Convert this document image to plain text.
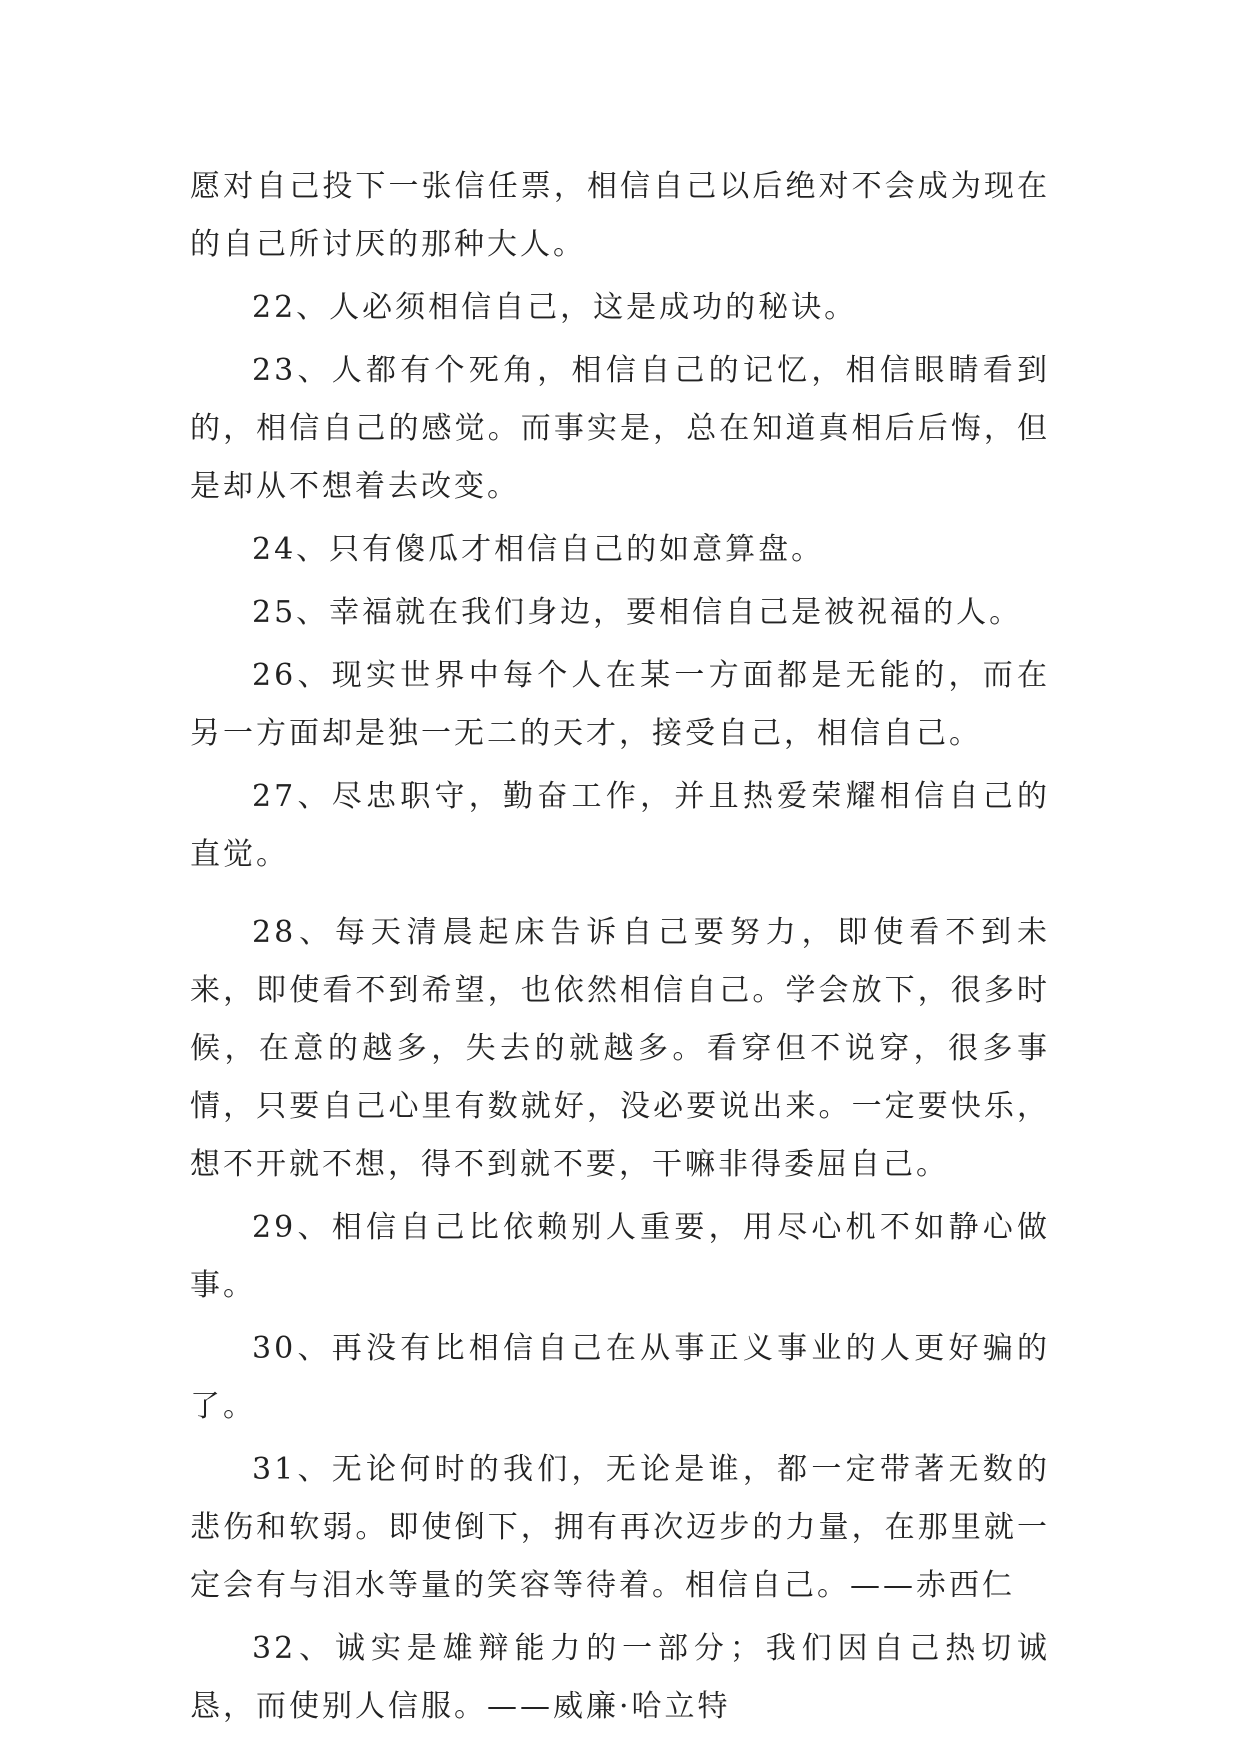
愿对自己投下一张信任票，相信自己以后绝对不会成为现在的自己所讨厌的那种大人。

22、人必须相信自己，这是成功的秘诀。

23、人都有个死角，相信自己的记忆，相信眼睛看到的，相信自己的感觉。而事实是，总在知道真相后后悔，但是却从不想着去改变。

24、只有傻瓜才相信自己的如意算盘。

25、幸福就在我们身边，要相信自己是被祝福的人。

26、现实世界中每个人在某一方面都是无能的，而在另一方面却是独一无二的天才，接受自己，相信自己。

27、尽忠职守，勤奋工作，并且热爱荣耀相信自己的直觉。

28、每天清晨起床告诉自己要努力，即使看不到未来，即使看不到希望，也依然相信自己。学会放下，很多时候，在意的越多，失去的就越多。看穿但不说穿，很多事情，只要自己心里有数就好，没必要说出来。一定要快乐，想不开就不想，得不到就不要，干嘛非得委屈自己。

29、相信自己比依赖别人重要，用尽心机不如静心做事。

30、再没有比相信自己在从事正义事业的人更好骗的了。

31、无论何时的我们，无论是谁，都一定带著无数的悲伤和软弱。即使倒下，拥有再次迈步的力量，在那里就一定会有与泪水等量的笑容等待着。相信自己。——赤西仁

32、诚实是雄辩能力的一部分；我们因自己热切诚恳，而使别人信服。——威廉·哈立特
